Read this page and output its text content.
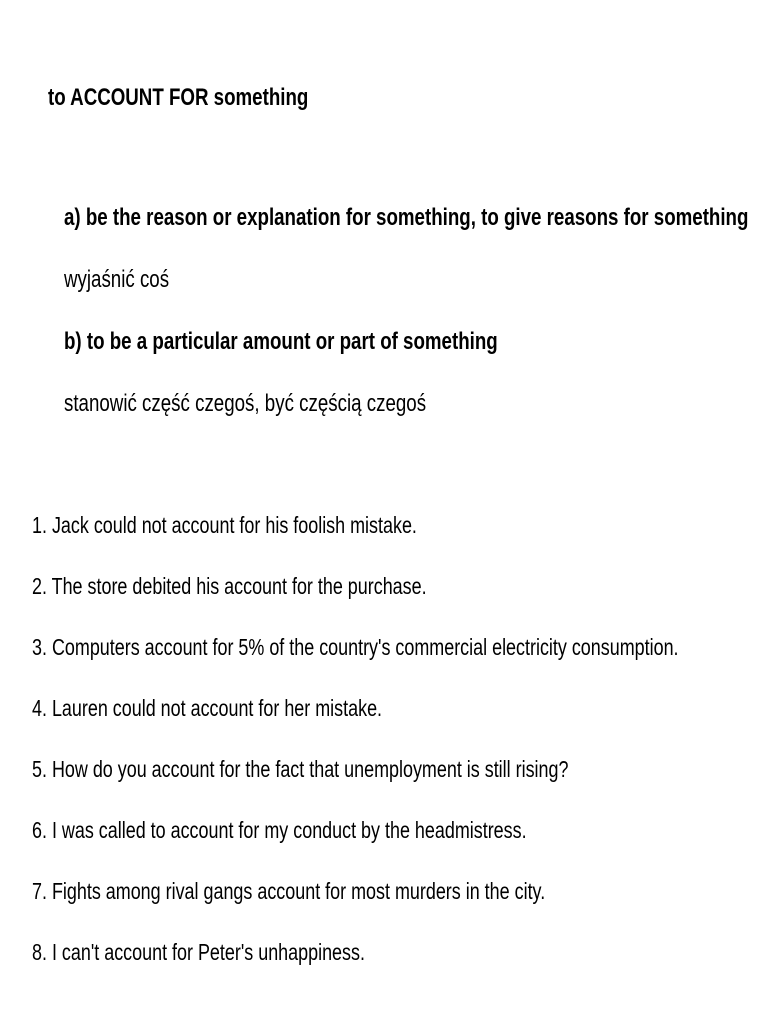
to ACCOUNT FOR something
a) be the reason or explanation for something, to give reasons for something
wyjaśnić coś
b) to be a particular amount or part of something
stanowić część czegoś, być częścią czegoś
1. Jack could not account for his foolish mistake.
2. The store debited his account for the purchase.
3. Computers account for 5% of the country's commercial electricity consumption.
4. Lauren could not account for her mistake.
5. How do you account for the fact that unemployment is still rising?
6. I was called to account for my conduct by the headmistress.
7. Fights among rival gangs account for most murders in the city.
8. I can't account for Peter's unhappiness.
